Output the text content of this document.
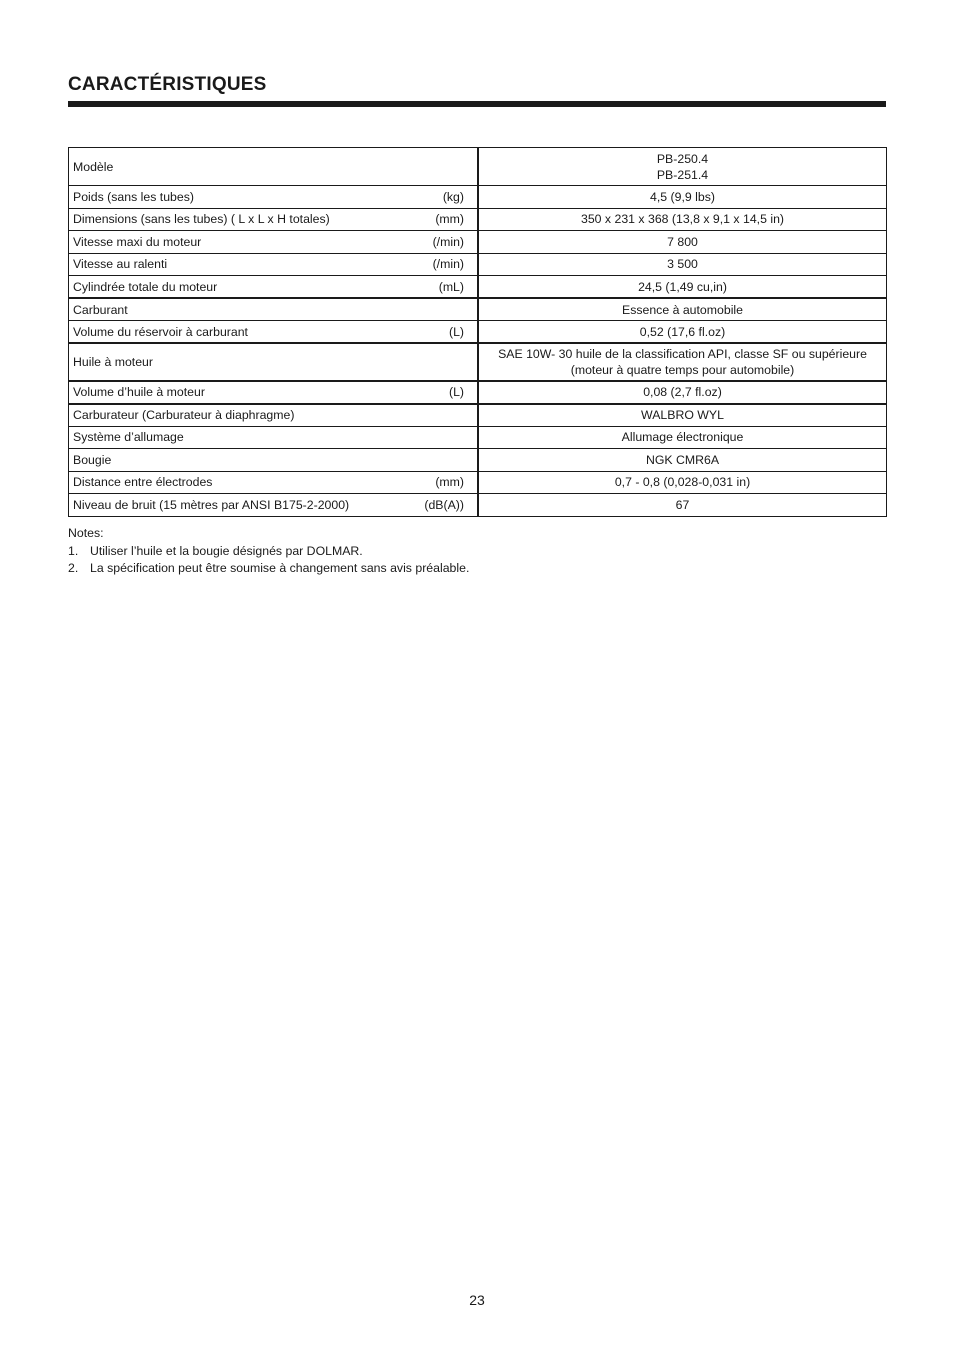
CARACTÉRISTIQUES
Modèle	PB-250.4
PB-251.4

Poids (sans les tubes) (kg)	4,5 (9,9 lbs)

Dimensions (sans les tubes) ( L x L x H totales) (mm)	350 x 231 x 368 (13,8 x 9,1 x 14,5 in)

Vitesse maxi du moteur (/min)	7 800

Vitesse au ralenti (/min)	3 500

Cylindrée totale du moteur (mL)	24,5 (1,49 cu,in)

Carburant	Essence à automobile

Volume du réservoir à carburant (L)	0,52 (17,6 fl.oz)

Huile à moteur	SAE 10W- 30 huile de la classification API, classe SF ou supérieure
(moteur à quatre temps pour automobile)

Volume d’huile à moteur (L)	0,08 (2,7 fl.oz)

Carburateur (Carburateur à diaphragme)	WALBRO WYL

Système d’allumage	Allumage électronique

Bougie	NGK CMR6A

Distance entre électrodes (mm)	0,7 - 0,8 (0,028-0,031 in)

Niveau de bruit (15 mètres par ANSI B175-2-2000) (dB(A))	67
Notes:
1. Utiliser l’huile et la bougie désignés par DOLMAR.
2. La spécification peut être soumise à changement sans avis préalable.
23
